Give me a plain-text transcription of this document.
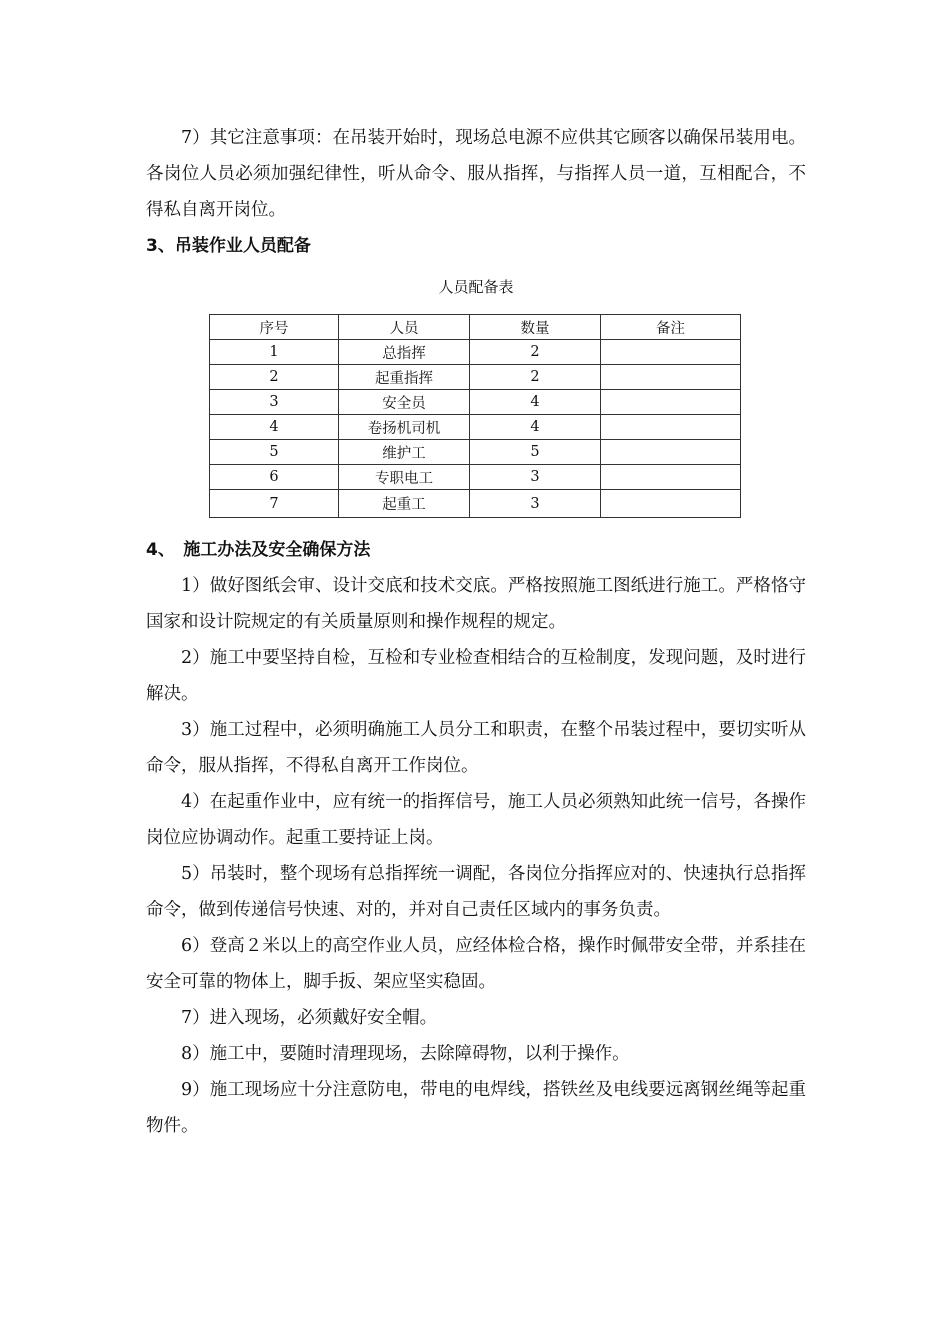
7）其它注意事项：在吊装开始时，现场总电源不应供其它顾客以确保吊装用电。各岗位人员必须加强纪律性，听从命令、服从指挥，与指挥人员一道，互相配合，不得私自离开岗位。

3、吊装作业人员配备

人员配备表
序号	人员	数量	备注
1	总指挥	2	
2	起重指挥	2	
3	安全员	4	
4	卷扬机司机	4	
5	维护工	5	
6	专职电工	3	
7	起重工	3	

4、　施工办法及安全确保方法

1）做好图纸会审、设计交底和技术交底。严格按照施工图纸进行施工。严格恪守国家和设计院规定的有关质量原则和操作规程的规定。

2）施工中要坚持自检，互检和专业检查相结合的互检制度，发现问题，及时进行解决。

3）施工过程中，必须明确施工人员分工和职责，在整个吊装过程中，要切实听从命令，服从指挥，不得私自离开工作岗位。

4）在起重作业中，应有统一的指挥信号，施工人员必须熟知此统一信号，各操作岗位应协调动作。起重工要持证上岗。

5）吊装时，整个现场有总指挥统一调配，各岗位分指挥应对的、快速执行总指挥命令，做到传递信号快速、对的，并对自己责任区域内的事务负责。

6）登高２米以上的高空作业人员，应经体检合格，操作时佩带安全带，并系挂在安全可靠的物体上，脚手扳、架应坚实稳固。

7）进入现场，必须戴好安全帽。

8）施工中，要随时清理现场，去除障碍物，以利于操作。

9）施工现场应十分注意防电，带电的电焊线，搭铁丝及电线要远离钢丝绳等起重物件。
